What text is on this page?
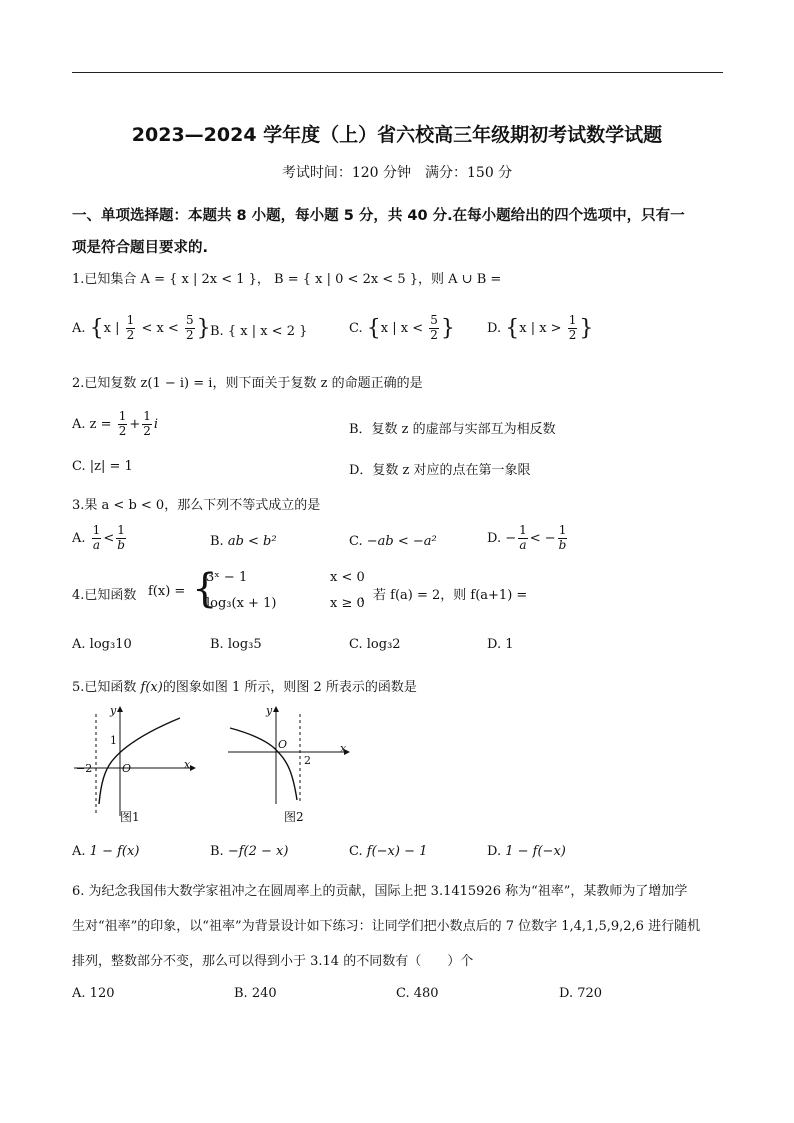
2023—2024 学年度（上）省六校高三年级期初考试数学试题
考试时间：120 分钟　满分：150 分
一、单项选择题：本题共 8 小题，每小题 5 分，共 40 分.在每小题给出的四个选项中，只有一
项是符合题目要求的.
1.已知集合 A = { x | 2x < 1 }， B = { x | 0 < 2x < 5 }，则 A ∪ B =
A. {x | $\frac{1}{2} < x < \frac{5}{2}$ } B. { x | x < 2 }	C. {x | $x < \frac{5}{2}$ } D. {x | $x > \frac{1}{2}$ }
2.已知复数 z(1 − i) = i，则下面关于复数 z 的命题正确的是
A. $z = \frac{1}{2} + \frac{1}{2}$ i	B．复数 z 的虚部与实部互为相反数
C. |z| = 1	D．复数 z 对应的点在第一象限
3.果 a < b < 0，那么下列不等式成立的是
A. $\frac{1}{a} < \frac{1}{b}$	B. ab < b²	C. −ab < −a²	D. − $\frac{1}{a}$ < − $\frac{1}{b}$
4.已知函数 f(x) = {
3ˣ − 1	x < 0
log₃(x + 1)	x ≥ 0
，若 f(a) = 2，则 f(a+1) =
A. log₃10	B. log₃5	C. log₃2	D. 1
5.已知函数 f(x)的图象如图 1 所示，则图 2 所表示的函数是
y
x
O
1
−2
图1
y
x
O
2
图2
A. 1 − f(x)	B. −f(2 − x)	C. f(−x) − 1	D. 1 − f(−x)
6. 为纪念我国伟大数学家祖冲之在圆周率上的贡献，国际上把 3.1415926 称为“祖率”，某教师为了增加学
生对“祖率”的印象，以“祖率”为背景设计如下练习：让同学们把小数点后的 7 位数字 1,4,1,5,9,2,6 进行随机
排列，整数部分不变，那么可以得到小于 3.14 的不同数有（　　）个
A. 120	B. 240	C. 480	D. 720
